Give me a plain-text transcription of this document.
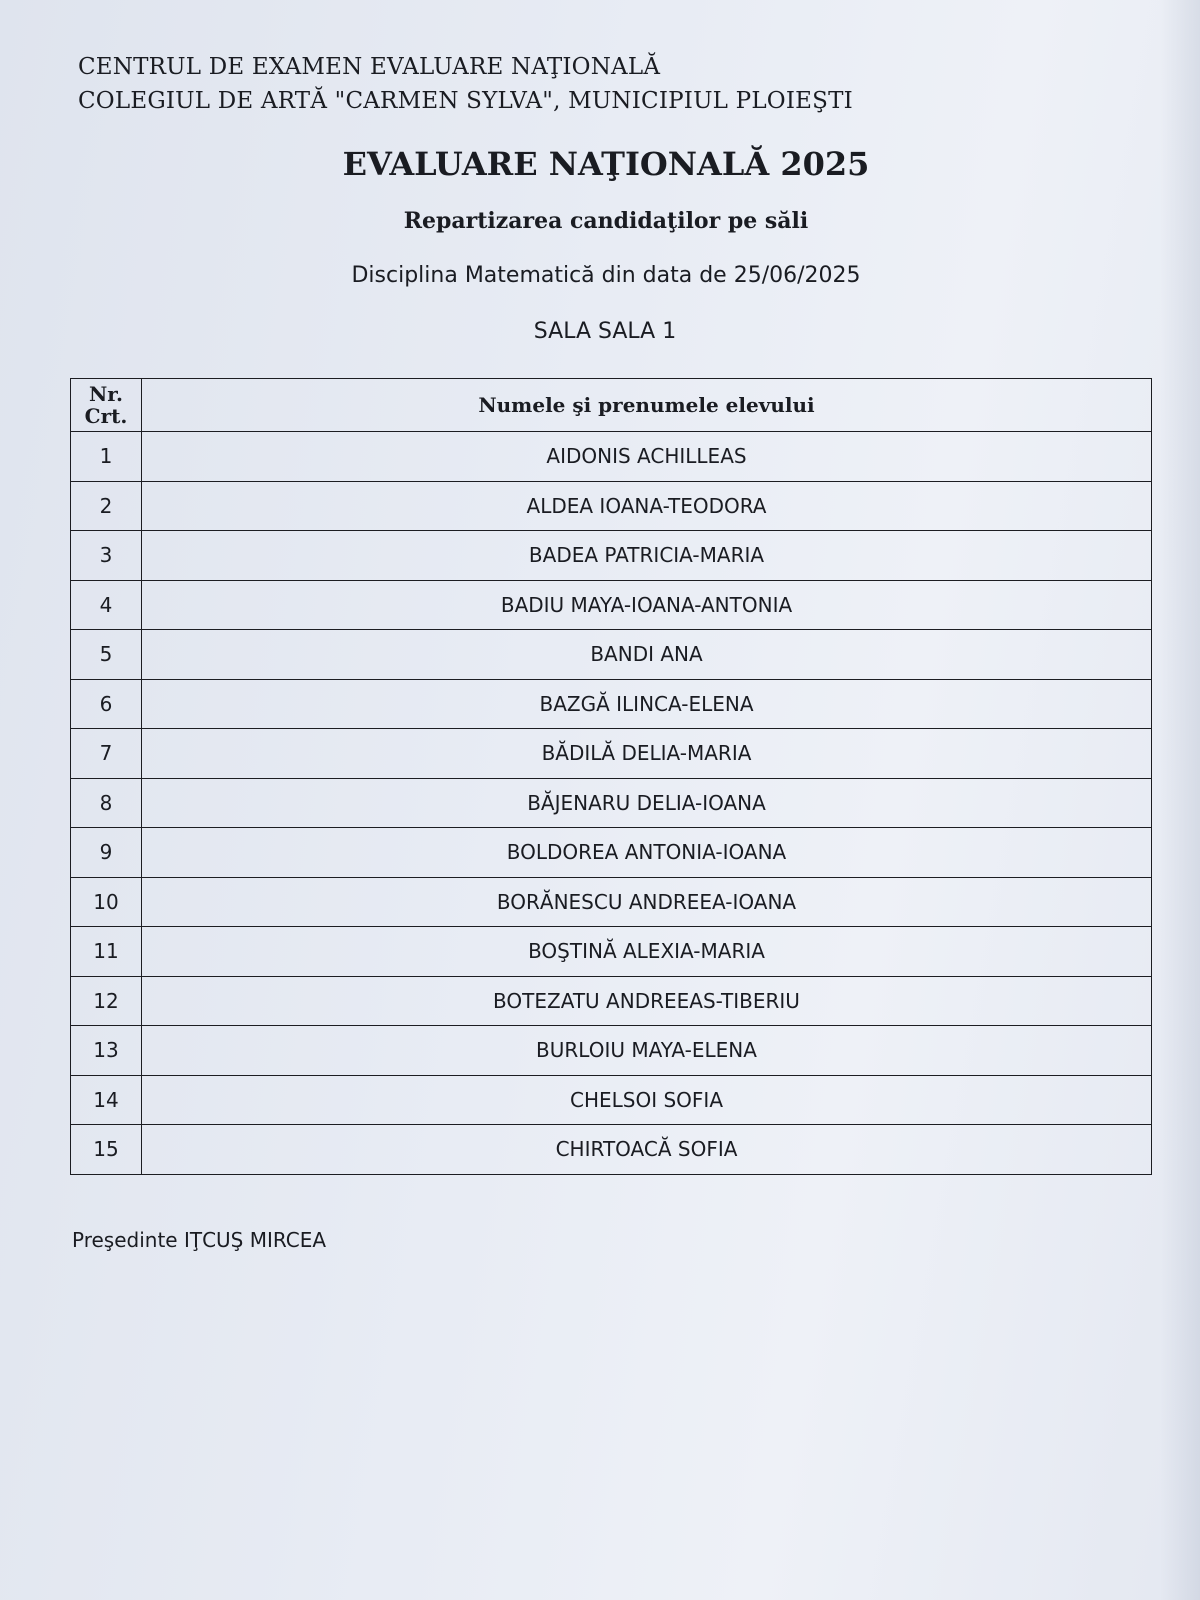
CENTRUL DE EXAMEN EVALUARE NAŢIONALĂ
COLEGIUL DE ARTĂ "CARMEN SYLVA", MUNICIPIUL PLOIEŞTI
EVALUARE NAŢIONALĂ 2025
Repartizarea candidaţilor pe săli
Disciplina Matematică din data de 25/06/2025
SALA SALA 1
Nr.
Crt.	Numele şi prenumele elevului
1	AIDONIS ACHILLEAS
2	ALDEA IOANA-TEODORA
3	BADEA PATRICIA-MARIA
4	BADIU MAYA-IOANA-ANTONIA
5	BANDI ANA
6	BAZGĂ ILINCA-ELENA
7	BĂDILĂ DELIA-MARIA
8	BĂJENARU DELIA-IOANA
9	BOLDOREA ANTONIA-IOANA
10	BORĂNESCU ANDREEA-IOANA
11	BOŞTINĂ ALEXIA-MARIA
12	BOTEZATU ANDREEAS-TIBERIU
13	BURLOIU MAYA-ELENA
14	CHELSOI SOFIA
15	CHIRTOACĂ SOFIA
Preşedinte IŢCUŞ MIRCEA
